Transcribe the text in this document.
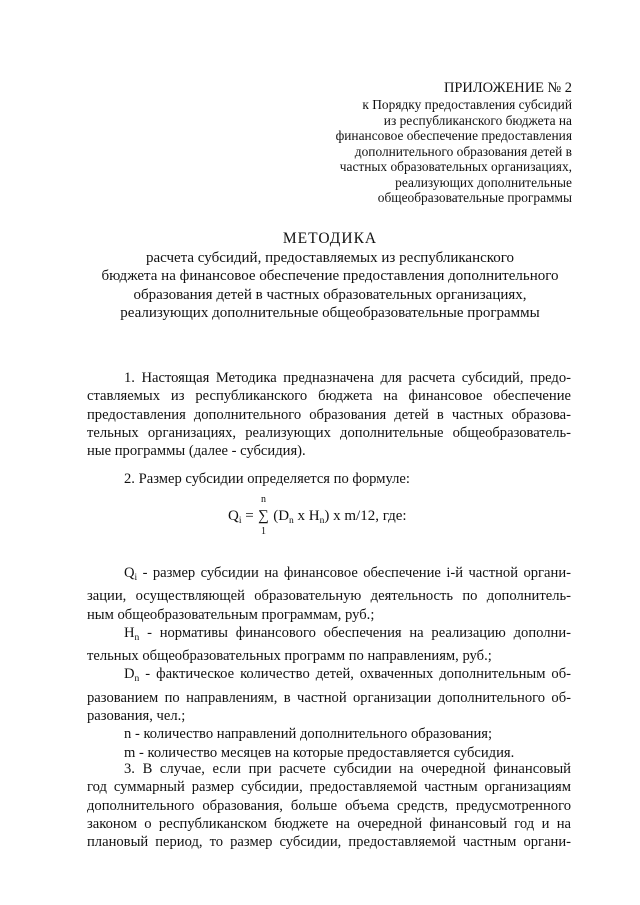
ПРИЛОЖЕНИЕ № 2
к Порядку предоставления субсидий
из республиканского бюджета на
финансовое обеспечение предоставления
дополнительного образования детей в
частных образовательных организациях,
реализующих дополнительные
общеобразовательные программы
МЕТОДИКА
расчета субсидий, предоставляемых из республиканского
бюджета на финансовое обеспечение предоставления дополнительного
образования детей в частных образовательных организациях,
реализующих дополнительные общеобразовательные программы
1. Настоящая Методика предназначена для расчета субсидий, предо-
ставляемых из республиканского бюджета на финансовое обеспечение
предоставления дополнительного образования детей в частных образова-
тельных организациях, реализующих дополнительные общеобразователь-
ные программы (далее - субсидия).
2. Размер субсидии определяется по формуле:
$Q_i$ =
n
∑
1
($D_n$ x $H_n$) x m/12, где:
$Q_i$ - размер субсидии на финансовое обеспечение i-й частной органи-
зации, осуществляющей образовательную деятельность по дополнитель-
ным общеобразовательным программам, руб.;
$H_n$ - нормативы финансового обеспечения на реализацию дополни-
тельных общеобразовательных программ по направлениям, руб.;
$D_n$ - фактическое количество детей, охваченных дополнительным об-
разованием по направлениям, в частной организации дополнительного об-
разования, чел.;
n - количество направлений дополнительного образования;
m - количество месяцев на которые предоставляется субсидия.
3. В случае, если при расчете субсидии на очередной финансовый
год суммарный размер субсидии, предоставляемой частным организациям
дополнительного образования, больше объема средств, предусмотренного
законом о республиканском бюджете на очередной финансовый год и на
плановый период, то размер субсидии, предоставляемой частным органи-
